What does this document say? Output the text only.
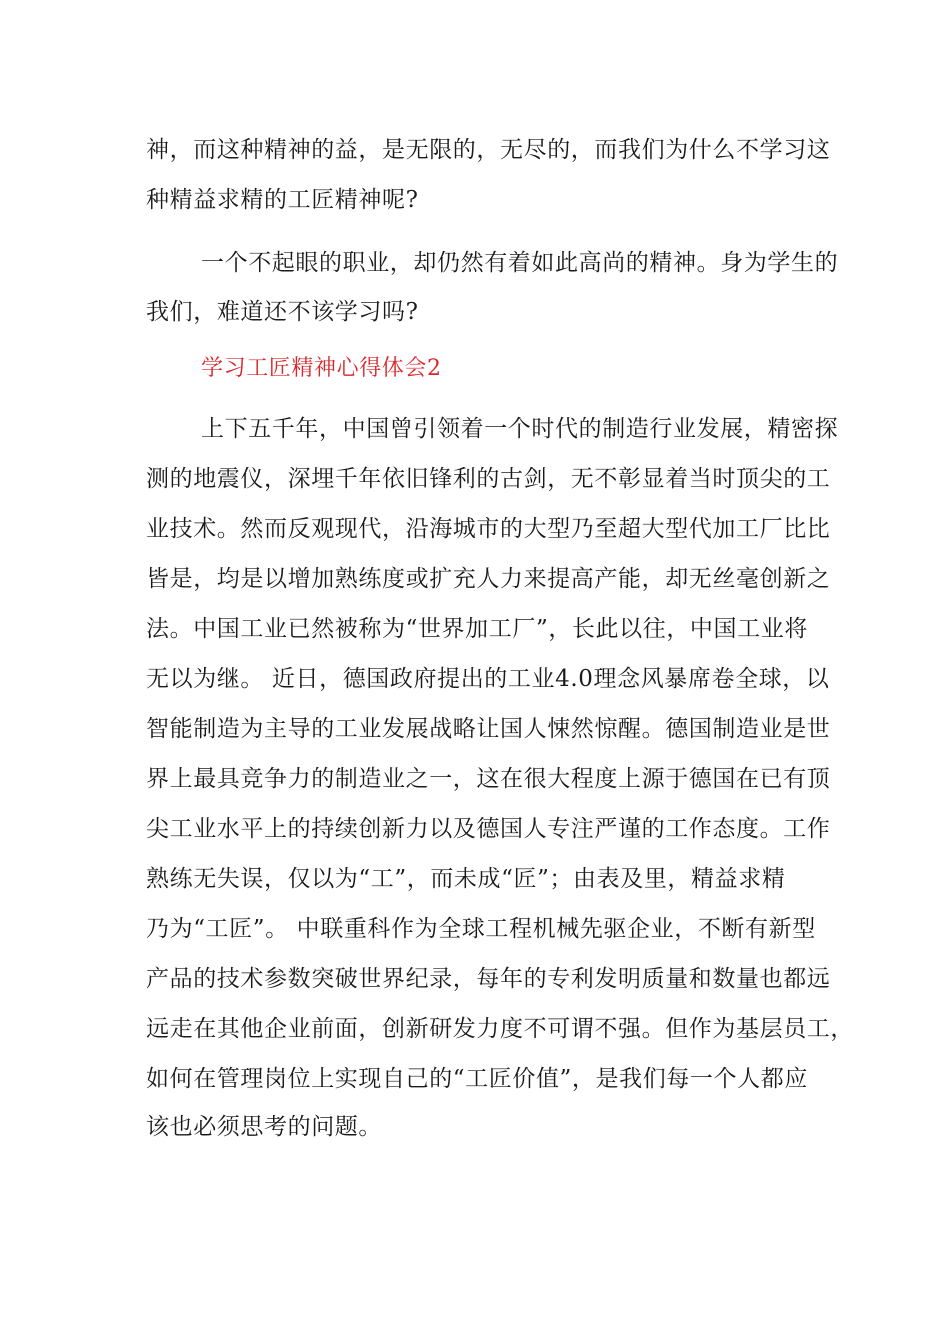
神，而这种精神的益，是无限的，无尽的，而我们为什么不学习这
种精益求精的工匠精神呢?
一个不起眼的职业，却仍然有着如此高尚的精神。身为学生的
我们，难道还不该学习吗?
学习工匠精神心得体会2
上下五千年，中国曾引领着一个时代的制造行业发展，精密探
测的地震仪，深埋千年依旧锋利的古剑，无不彰显着当时顶尖的工
业技术。然而反观现代，沿海城市的大型乃至超大型代加工厂比比
皆是，均是以增加熟练度或扩充人力来提高产能，却无丝毫创新之
法。中国工业已然被称为“世界加工厂”，长此以往，中国工业将
无以为继。 近日，德国政府提出的工业4.0理念风暴席卷全球，以
智能制造为主导的工业发展战略让国人悚然惊醒。德国制造业是世
界上最具竞争力的制造业之一，这在很大程度上源于德国在已有顶
尖工业水平上的持续创新力以及德国人专注严谨的工作态度。工作
熟练无失误，仅以为“工”，而未成“匠”；由表及里，精益求精
乃为“工匠”。 中联重科作为全球工程机械先驱企业，不断有新型
产品的技术参数突破世界纪录，每年的专利发明质量和数量也都远
远走在其他企业前面，创新研发力度不可谓不强。但作为基层员工，
如何在管理岗位上实现自己的“工匠价值”，是我们每一个人都应
该也必须思考的问题。
